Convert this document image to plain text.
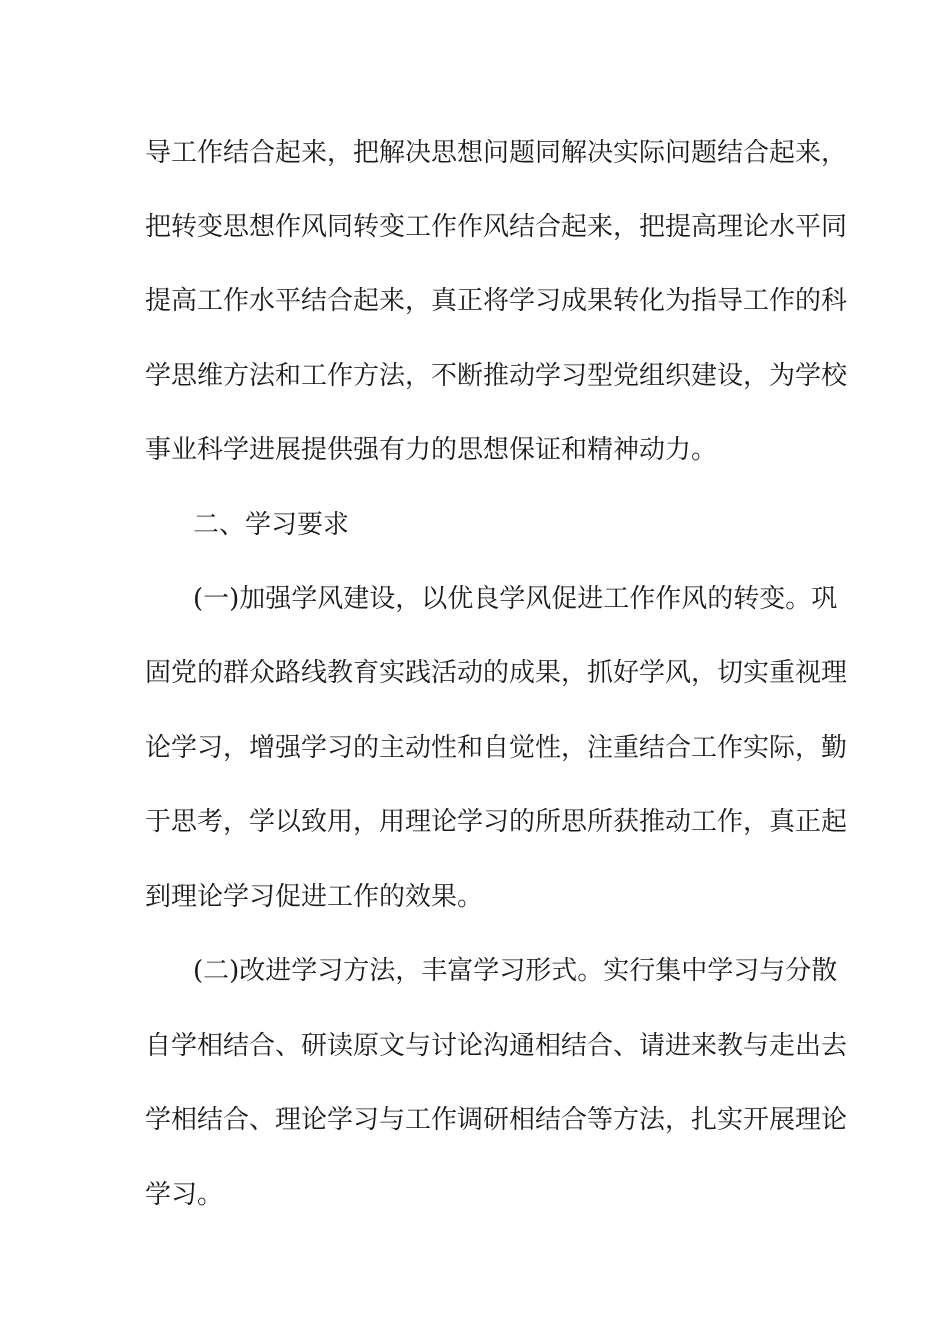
导工作结合起来，把解决思想问题同解决实际问题结合起来，
把转变思想作风同转变工作作风结合起来，把提高理论水平同
提高工作水平结合起来，真正将学习成果转化为指导工作的科
学思维方法和工作方法，不断推动学习型党组织建设，为学校
事业科学进展提供强有力的思想保证和精神动力。
二、学习要求
(一)加强学风建设，以优良学风促进工作作风的转变。巩
固党的群众路线教育实践活动的成果，抓好学风，切实重视理
论学习，增强学习的主动性和自觉性，注重结合工作实际，勤
于思考，学以致用，用理论学习的所思所获推动工作，真正起
到理论学习促进工作的效果。
(二)改进学习方法，丰富学习形式。实行集中学习与分散
自学相结合、研读原文与讨论沟通相结合、请进来教与走出去
学相结合、理论学习与工作调研相结合等方法，扎实开展理论
学习。
